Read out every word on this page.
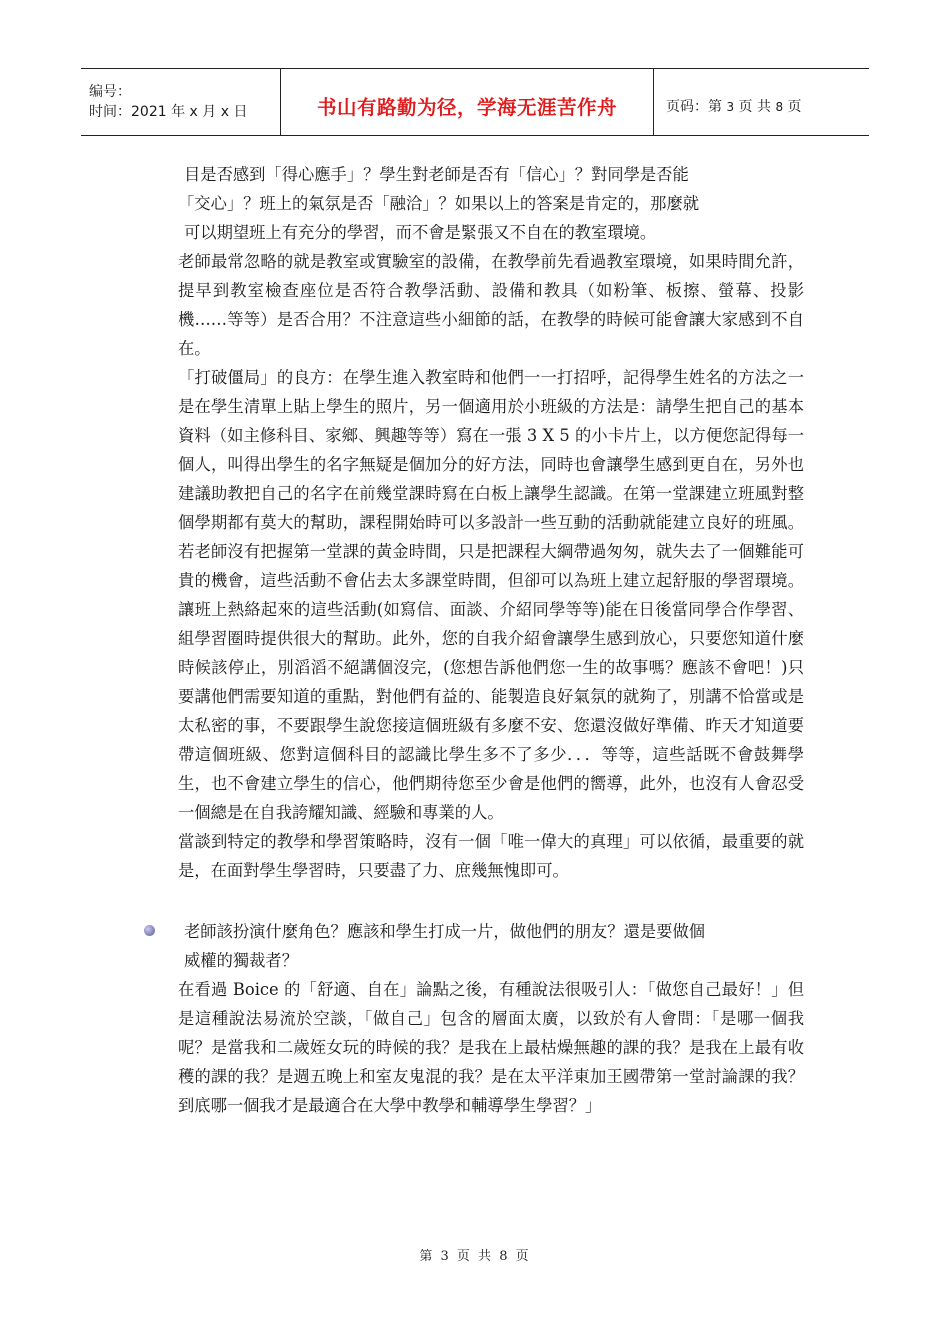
编号：
时间：2021 年 x 月 x 日	书山有路勤为径，学海无涯苦作舟	页码：第 3 页 共 8 页

目是否感到「得心應手」？學生對老師是否有「信心」？對同學是否能

「交心」？班上的氣氛是否「融洽」？如果以上的答案是肯定的，那麼就

可以期望班上有充分的學習，而不會是緊張又不自在的教室環境。

老師最常忽略的就是教室或實驗室的設備，在教學前先看過教室環境，如果時間允許，提早到教室檢查座位是否符合教學活動、設備和教具（如粉筆、板擦、螢幕、投影機……等等）是否合用？不注意這些小細節的話，在教學的時候可能會讓大家感到不自在。

「打破僵局」的良方：在學生進入教室時和他們一一打招呼，記得學生姓名的方法之一是在學生清單上貼上學生的照片，另一個適用於小班級的方法是：請學生把自己的基本資料（如主修科目、家鄉、興趣等等）寫在一張 3 X 5 的小卡片上，以方便您記得每一個人，叫得出學生的名字無疑是個加分的好方法，同時也會讓學生感到更自在，另外也建議助教把自己的名字在前幾堂課時寫在白板上讓學生認識。在第一堂課建立班風對整個學期都有莫大的幫助，課程開始時可以多設計一些互動的活動就能建立良好的班風。若老師沒有把握第一堂課的黃金時間，只是把課程大綱帶過匆匆，就失去了一個難能可貴的機會，這些活動不會佔去太多課堂時間，但卻可以為班上建立起舒服的學習環境。讓班上熱絡起來的這些活動(如寫信、面談、介紹同學等等)能在日後當同學合作學習、組學習圈時提供很大的幫助。此外，您的自我介紹會讓學生感到放心，只要您知道什麼時候該停止，別滔滔不絕講個沒完，(您想告訴他們您一生的故事嗎？應該不會吧！)只要講他們需要知道的重點，對他們有益的、能製造良好氣氛的就夠了，別講不恰當或是太私密的事，不要跟學生說您接這個班級有多麼不安、您還沒做好準備、昨天才知道要帶這個班級、您對這個科目的認識比學生多不了多少．．．等等，這些話既不會鼓舞學生，也不會建立學生的信心，他們期待您至少會是他們的嚮導，此外，也沒有人會忍受一個總是在自我誇耀知識、經驗和專業的人。

當談到特定的教學和學習策略時，沒有一個「唯一偉大的真理」可以依循，最重要的就是，在面對學生學習時，只要盡了力、庶幾無愧即可。

老師該扮演什麼角色？應該和學生打成一片，做他們的朋友？還是要做個

威權的獨裁者？

在看過 Boice 的「舒適、自在」論點之後，有種說法很吸引人：「做您自己最好！」但是這種說法易流於空談，「做自己」包含的層面太廣，以致於有人會問：「是哪一個我呢？是當我和二歲姪女玩的時候的我？是我在上最枯燥無趣的課的我？是我在上最有收穫的課的我？是週五晚上和室友鬼混的我？是在太平洋東加王國帶第一堂討論課的我？到底哪一個我才是最適合在大學中教學和輔導學生學習？」

第 3 页 共 8 页
